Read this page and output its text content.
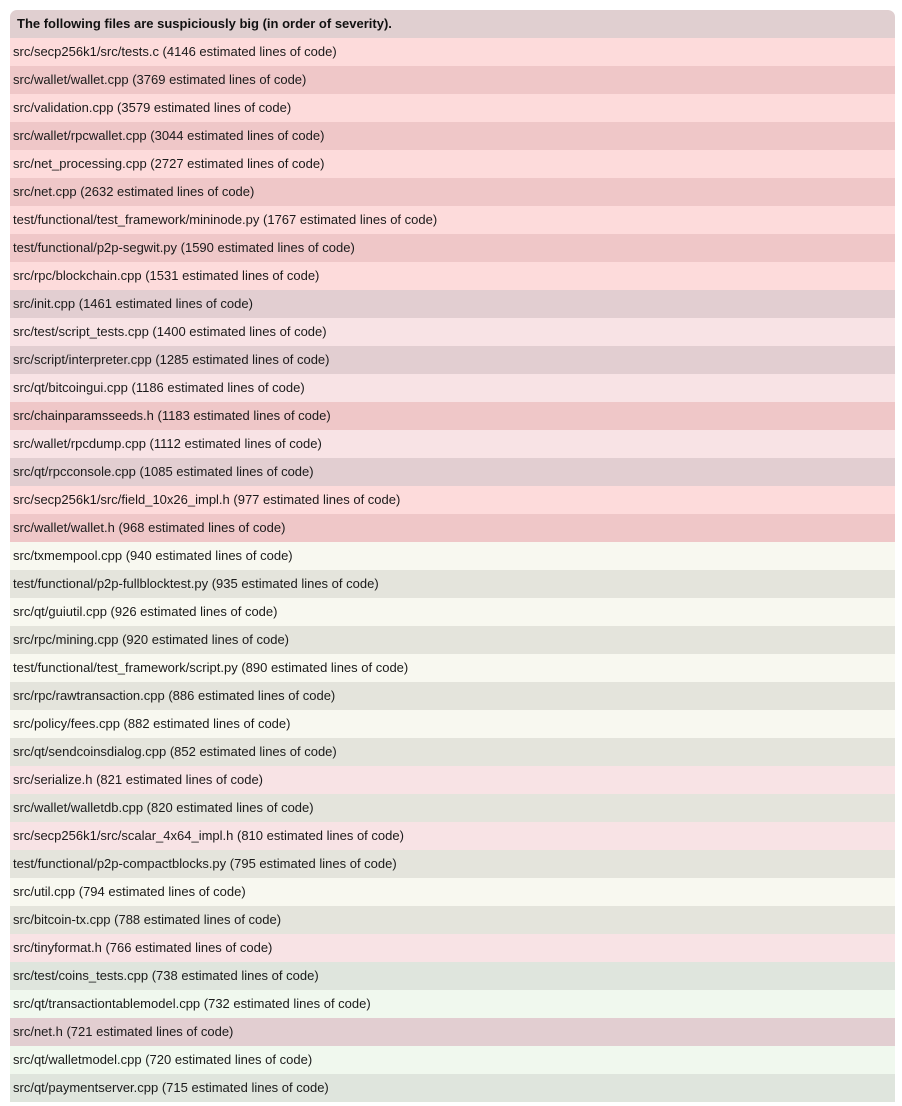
The following files are suspiciously big (in order of severity).
src/secp256k1/src/tests.c (4146 estimated lines of code)
src/wallet/wallet.cpp (3769 estimated lines of code)
src/validation.cpp (3579 estimated lines of code)
src/wallet/rpcwallet.cpp (3044 estimated lines of code)
src/net_processing.cpp (2727 estimated lines of code)
src/net.cpp (2632 estimated lines of code)
test/functional/test_framework/mininode.py (1767 estimated lines of code)
test/functional/p2p-segwit.py (1590 estimated lines of code)
src/rpc/blockchain.cpp (1531 estimated lines of code)
src/init.cpp (1461 estimated lines of code)
src/test/script_tests.cpp (1400 estimated lines of code)
src/script/interpreter.cpp (1285 estimated lines of code)
src/qt/bitcoingui.cpp (1186 estimated lines of code)
src/chainparamsseeds.h (1183 estimated lines of code)
src/wallet/rpcdump.cpp (1112 estimated lines of code)
src/qt/rpcconsole.cpp (1085 estimated lines of code)
src/secp256k1/src/field_10x26_impl.h (977 estimated lines of code)
src/wallet/wallet.h (968 estimated lines of code)
src/txmempool.cpp (940 estimated lines of code)
test/functional/p2p-fullblocktest.py (935 estimated lines of code)
src/qt/guiutil.cpp (926 estimated lines of code)
src/rpc/mining.cpp (920 estimated lines of code)
test/functional/test_framework/script.py (890 estimated lines of code)
src/rpc/rawtransaction.cpp (886 estimated lines of code)
src/policy/fees.cpp (882 estimated lines of code)
src/qt/sendcoinsdialog.cpp (852 estimated lines of code)
src/serialize.h (821 estimated lines of code)
src/wallet/walletdb.cpp (820 estimated lines of code)
src/secp256k1/src/scalar_4x64_impl.h (810 estimated lines of code)
test/functional/p2p-compactblocks.py (795 estimated lines of code)
src/util.cpp (794 estimated lines of code)
src/bitcoin-tx.cpp (788 estimated lines of code)
src/tinyformat.h (766 estimated lines of code)
src/test/coins_tests.cpp (738 estimated lines of code)
src/qt/transactiontablemodel.cpp (732 estimated lines of code)
src/net.h (721 estimated lines of code)
src/qt/walletmodel.cpp (720 estimated lines of code)
src/qt/paymentserver.cpp (715 estimated lines of code)
